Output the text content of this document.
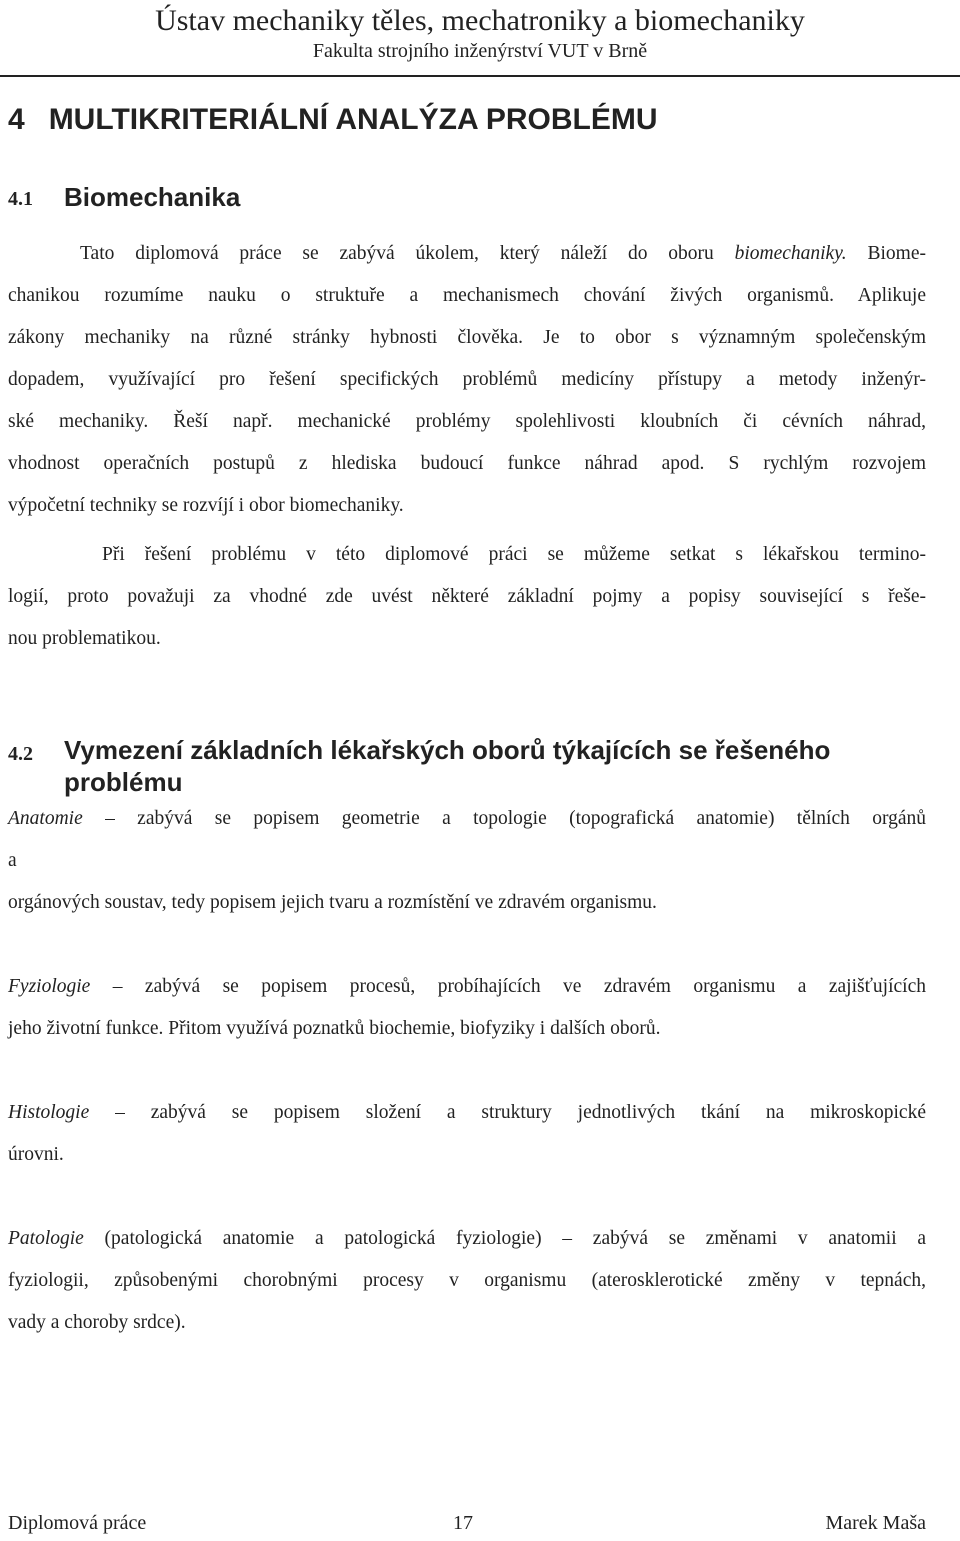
Ústav mechaniky těles, mechatroniky a biomechaniky
Fakulta strojního inženýrství VUT v Brně
4 MULTIKRITERIÁLNÍ ANALÝZA PROBLÉMU
4.1 Biomechanika
Tato diplomová práce se zabývá úkolem, který náleží do oboru biomechaniky. Biome-
chanikou rozumíme nauku o struktuře a mechanismech chování živých organismů. Aplikuje
zákony mechaniky na různé stránky hybnosti člověka. Je to obor s významným společenským
dopadem, využívající pro řešení specifických problémů medicíny přístupy a metody inženýr-
ské mechaniky. Řeší např. mechanické problémy spolehlivosti kloubních či cévních náhrad,
vhodnost operačních postupů z hlediska budoucí funkce náhrad apod. S rychlým rozvojem
výpočetní techniky se rozvíjí i obor biomechaniky.
Při řešení problému v této diplomové práci se můžeme setkat s lékařskou termino-
logií, proto považuji za vhodné zde uvést některé základní pojmy a popisy související s řeše-
nou problematikou.
4.2 Vymezení základních lékařských oborů týkajících se řešeného
problému
Anatomie – zabývá se popisem geometrie a topologie (topografická anatomie) tělních orgánů
a
orgánových soustav, tedy popisem jejich tvaru a rozmístění ve zdravém organismu.
Fyziologie – zabývá se popisem procesů, probíhajících ve zdravém organismu a zajišťujících
jeho životní funkce. Přitom využívá poznatků biochemie, biofyziky i dalších oborů.
Histologie – zabývá se popisem složení a struktury jednotlivých tkání na mikroskopické
úrovni.
Patologie (patologická anatomie a patologická fyziologie) – zabývá se změnami v anatomii a
fyziologii, způsobenými chorobnými procesy v organismu (aterosklerotické změny v tepnách,
vady a choroby srdce).
Diplomová práce	17	Marek Maša
